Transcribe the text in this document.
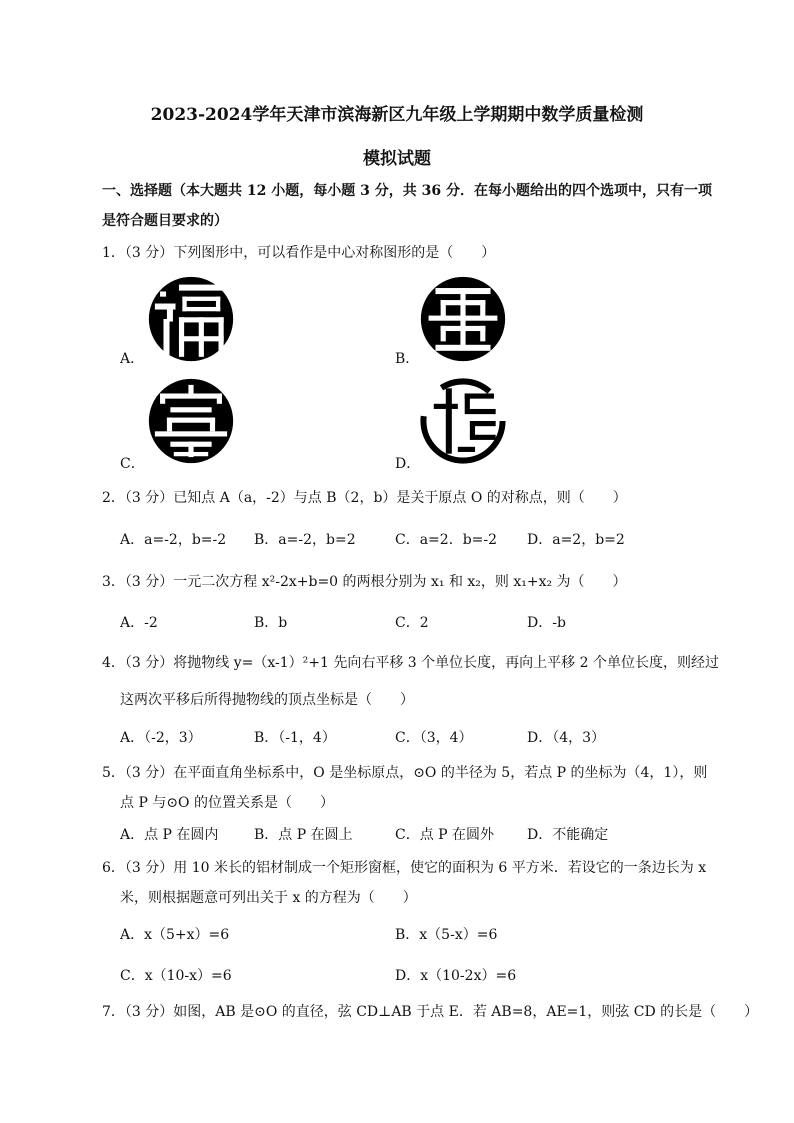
2023-2024学年天津市滨海新区九年级上学期期中数学质量检测
模拟试题
一、选择题（本大题共 12 小题，每小题 3 分，共 36 分．在每小题给出的四个选项中，只有一项
是符合题目要求的）
1．（3 分）下列图形中，可以看作是中心对称图形的是（　　）
A．	B．
C．	D．
2．（3 分）已知点 A（a，-2）与点 B（2，b）是关于原点 O 的对称点，则（　　）
A．a=-2，b=-2 B．a=-2，b=2	C．a=2．b=-2 D．a=2，b=2
3．（3 分）一元二次方程 x²-2x+b=0 的两根分别为 x₁ 和 x₂，则 x₁+x₂ 为（　　）
A．-2	B．b	C．2	D．-b
4．（3 分）将抛物线 y=（x-1）²+1 先向右平移 3 个单位长度，再向上平移 2 个单位长度，则经过
这两次平移后所得抛物线的顶点坐标是（　　）
A．（-2，3）	B．（-1，4）	C．（3，4）	D．（4，3）
5．（3 分）在平面直角坐标系中，O 是坐标原点，⊙O 的半径为 5，若点 P 的坐标为（4，1），则
点 P 与⊙O 的位置关系是（　　）
A．点 P 在圆内	B．点 P 在圆上	C．点 P 在圆外 D．不能确定
6．（3 分）用 10 米长的铝材制成一个矩形窗框，使它的面积为 6 平方米．若设它的一条边长为 x
米，则根据题意可列出关于 x 的方程为（　　）
A．x（5+x）=6	B．x（5-x）=6
C．x（10-x）=6	D．x（10-2x）=6
7．（3 分）如图，AB 是⊙O 的直径，弦 CD⊥AB 于点 E．若 AB=8，AE=1，则弦 CD 的长是（　　）
